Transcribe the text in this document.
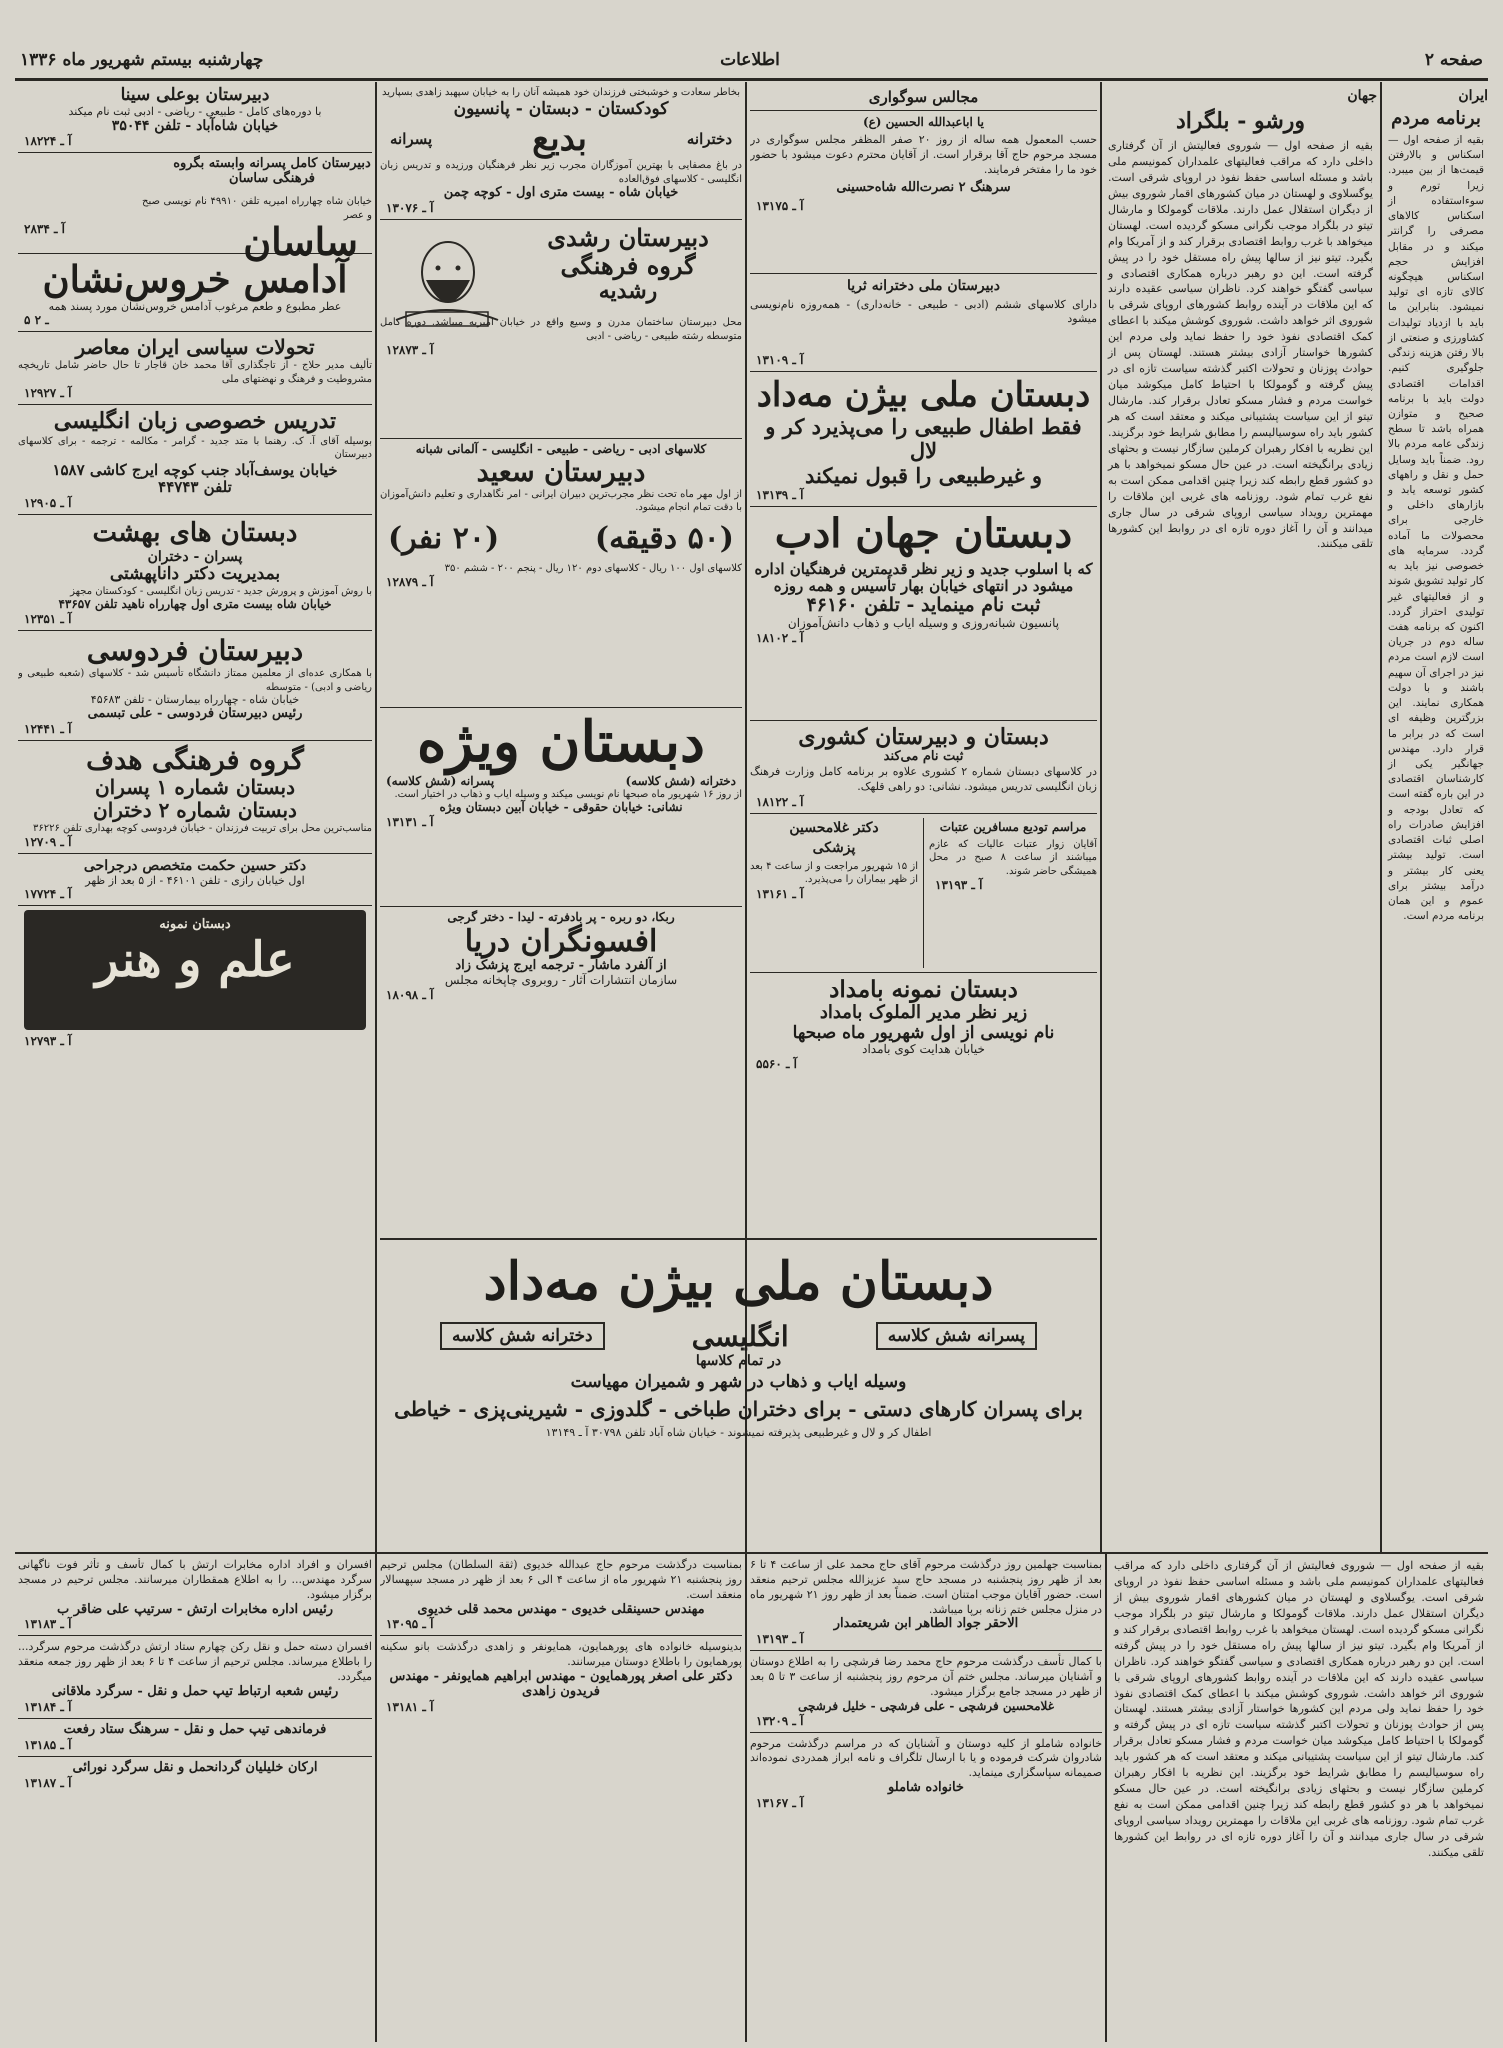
صفحه ۲
اطلاعات
چهارشنبه بیستم شهریور ماه ۱۳۳۶
ایران
برنامه مردم
بقیه از صفحه اول — اسکناس و بالارفتن قیمت‌ها از بین میبرد. زیرا تورم و سوءاستفاده از اسکناس کالاهای مصرفی را گرانتر میکند و در مقابل افزایش حجم اسکناس هیچگونه کالای تازه ای تولید نمیشود. بنابراین ما باید با ازدیاد تولیدات کشاورزی و صنعتی از بالا رفتن هزینه زندگی جلوگیری کنیم. اقدامات اقتصادی دولت باید با برنامه صحیح و متوازن همراه باشد تا سطح زندگی عامه مردم بالا رود. ضمناً باید وسایل حمل و نقل و راههای کشور توسعه یابد و بازارهای داخلی و خارجی برای محصولات ما آماده گردد. سرمایه های خصوصی نیز باید به کار تولید تشویق شوند و از فعالیتهای غیر تولیدی احتراز گردد. اکنون که برنامه هفت ساله دوم در جریان است لازم است مردم نیز در اجرای آن سهیم باشند و با دولت همکاری نمایند. این بزرگترین وظیفه ای است که در برابر ما قرار دارد. مهندس جهانگیر یکی از کارشناسان اقتصادی در این باره گفته است که تعادل بودجه و افزایش صادرات راه اصلی ثبات اقتصادی است. تولید بیشتر یعنی کار بیشتر و درآمد بیشتر برای عموم و این همان برنامه مردم است.
جهان
ورشو - بلگراد
بقیه از صفحه اول — شوروی فعالیتش از آن گرفتاری داخلی دارد که مراقب فعالیتهای علمداران کمونیسم ملی باشد و مسئله اساسی حفظ نفوذ در اروپای شرقی است. یوگسلاوی و لهستان در میان کشورهای اقمار شوروی بیش از دیگران استقلال عمل دارند. ملاقات گومولکا و مارشال تیتو در بلگراد موجب نگرانی مسکو گردیده است. لهستان میخواهد با غرب روابط اقتصادی برقرار کند و از آمریکا وام بگیرد. تیتو نیز از سالها پیش راه مستقل خود را در پیش گرفته است. این دو رهبر درباره همکاری اقتصادی و سیاسی گفتگو خواهند کرد. ناظران سیاسی عقیده دارند که این ملاقات در آینده روابط کشورهای اروپای شرقی با شوروی اثر خواهد داشت. شوروی کوشش میکند با اعطای کمک اقتصادی نفوذ خود را حفظ نماید ولی مردم این کشورها خواستار آزادی بیشتر هستند. لهستان پس از حوادث پوزنان و تحولات اکتبر گذشته سیاست تازه ای در پیش گرفته و گومولکا با احتیاط کامل میکوشد میان خواست مردم و فشار مسکو تعادل برقرار کند. مارشال تیتو از این سیاست پشتیبانی میکند و معتقد است که هر کشور باید راه سوسیالیسم را مطابق شرایط خود برگزیند. این نظریه با افکار رهبران کرملین سازگار نیست و بحثهای زیادی برانگیخته است. در عین حال مسکو نمیخواهد با هر دو کشور قطع رابطه کند زیرا چنین اقدامی ممکن است به نفع غرب تمام شود. روزنامه های غربی این ملاقات را مهمترین رویداد سیاسی اروپای شرقی در سال جاری میدانند و آن را آغاز دوره تازه ای در روابط این کشورها تلقی میکنند.
مجالس سوگواری
یا اباعبدالله الحسین (ع)
حسب المعمول همه ساله از روز ۲۰ صفر المظفر مجلس سوگواری در مسجد مرحوم حاج آقا برقرار است. از آقایان محترم دعوت میشود با حضور خود ما را مفتخر فرمایند.
سرهنگ ۲ نصرت‌الله شاه‌حسینی
آ ـ ۱۳۱۷۵
دبیرستان ملی دخترانه ثریا
دارای کلاسهای ششم (ادبی - طبیعی - خانه‌داری) - همه‌روزه نام‌نویسی میشود
آ ـ ۱۳۱۰۹
دبستان ملی بیژن مه‌داد
فقط اطفال طبیعی را می‌پذیرد کر و لال
و غیرطبیعی را قبول نمیکند
آ ـ ۱۳۱۳۹
دبستان جهان ادب
که با اسلوب جدید و زیر نظر قدیمترین فرهنگیان اداره
میشود در انتهای خیابان بهار تأسیس و همه روزه
ثبت نام مینماید - تلفن ۴۶۱۶۰
پانسیون شبانه‌روزی و وسیله ایاب و ذهاب دانش‌آموزان
آ ـ ۱۸۱۰۲
دبستان و دبیرستان کشوری
ثبت نام می‌کند
در کلاسهای دبستان شماره ۲ کشوری علاوه بر برنامه کامل وزارت فرهنگ زبان انگلیسی تدریس میشود. نشانی: دو راهی قلهک.
آ ـ ۱۸۱۲۲
مراسم تودیع مسافرین عتبات
آقایان زوار عتبات عالیات که عازم میباشند از ساعت ۸ صبح در محل همیشگی حاضر شوند.
آ ـ ۱۳۱۹۳
دکتر غلامحسین
پزشکی
از ۱۵ شهریور مراجعت و از ساعت ۴ بعد از ظهر بیماران را می‌پذیرد.
آ ـ ۱۳۱۶۱
دبستان نمونه بامداد
زیر نظر مدیر الملوک بامداد
نام نویسی از اول شهریور ماه صبحها
خیابان هدایت کوی بامداد
آ ـ ۵۵۶۰
بخاطر سعادت و خوشبختی فرزندان خود همیشه آنان را به خیابان سپهبد زاهدی بسپارید
کودکستان - دبستان - پانسیون
دخترانه
بدیع
پسرانه
در باغ مصفایی با بهترین آموزگاران مجرب زیر نظر فرهنگیان ورزیده و تدریس زبان انگلیسی - کلاسهای فوق‌العاده
خیابان شاه - بیست متری اول - کوچه چمن
آ ـ ۱۳۰۷۶
دبیرستان رشدی
گروه فرهنگی
رشدیه
محل دبیرستان ساختمان مدرن و وسیع واقع در خیابان امیریه میباشد. دوره کامل متوسطه رشته طبیعی - ریاضی - ادبی
آ ـ ۱۲۸۷۳
کلاسهای ادبی - ریاضی - طبیعی - انگلیسی - آلمانی شبانه
دبیرستان سعید
از اول مهر ماه تحت نظر مجرب‌ترین دبیران ایرانی - امر نگاهداری و تعلیم دانش‌آموزان با دقت تمام انجام میشود.
(۵۰ دقیقه)
(۲۰ نفر)
کلاسهای اول ۱۰۰ ریال - کلاسهای دوم ۱۲۰ ریال - پنجم ۲۰۰ - ششم ۳۵۰
آ ـ ۱۲۸۷۹
دبستان ویژه
دخترانه (شش کلاسه)
پسرانه (شش کلاسه)
از روز ۱۶ شهریور ماه صبحها نام نویسی میکند و وسیله ایاب و ذهاب در اختیار است.
نشانی: خیابان حقوقی - خیابان آبین دبستان ویژه
آ ـ ۱۳۱۳۱
ربکا، دو ربره - پر بادفرته - لیدا - دختر گرجی
افسونگران دریا
از آلفرد ماشار - ترجمه ایرج پزشک زاد
سازمان انتشارات آثار - روبروی چاپخانه مجلس
آ ـ ۱۸۰۹۸
دبستان ملی بیژن مه‌داد
پسرانه شش کلاسه
انگلیسی
دخترانه شش کلاسه
در تمام کلاسها
وسیله ایاب و ذهاب در شهر و شمیران مهیاست
برای پسران کارهای دستی - برای دختران طباخی - گلدوزی - شیرینی‌پزی - خیاطی
اطفال کر و لال و غیرطبیعی پذیرفته نمیشوند - خیابان شاه آباد تلفن ۳۰۷۹۸ آ ـ ۱۳۱۴۹
دبیرستان بوعلی سینا
با دوره‌های کامل - طبیعی - ریاضی - ادبی ثبت نام میکند
خیابان شاه‌آباد - تلفن ۳۵۰۴۴
آ ـ ۱۸۲۲۴
دبیرستان کامل پسرانه وابسته بگروه فرهنگی ساسان
ساسان
خیابان شاه چهارراه امیریه تلفن ۴۹۹۱۰ نام نویسی صبح و عصر
آ ـ ۲۸۳۴
آدامس خروس‌نشان
عطر مطبوع و طعم مرغوب آدامس خروس‌نشان مورد پسند همه
۵ ـ ۲
تحولات سیاسی ایران معاصر
تألیف مدیر حلاج - از تاجگذاری آقا محمد خان قاجار تا حال حاضر شامل تاریخچه مشروطیت و فرهنگ و نهضتهای ملی
آ ـ ۱۲۹۲۷
تدریس خصوصی زبان انگلیسی
بوسیله آقای آ. ک. رهنما با متد جدید - گرامر - مکالمه - ترجمه - برای کلاسهای دبیرستان
خیابان یوسف‌آباد جنب کوچه ایرج کاشی ۱۵۸۷
تلفن ۴۴۷۴۳
آ ـ ۱۲۹۰۵
دبستان های بهشت
پسران - دختران
بمدیریت دکتر داناپهشتی
با روش آموزش و پرورش جدید - تدریس زبان انگلیسی - کودکستان مجهز
خیابان شاه بیست متری اول چهارراه ناهید تلفن ۴۳۶۵۷
آ ـ ۱۲۳۵۱
دبیرستان فردوسی
با همکاری عده‌ای از معلمین ممتاز دانشگاه تأسیس شد - کلاسهای (شعبه طبیعی و ریاضی و ادبی) - متوسطه
خیابان شاه - چهارراه بیمارستان - تلفن ۴۵۶۸۳
رئیس دبیرستان فردوسی - علی تبسمی
آ ـ ۱۲۴۴۱
گروه فرهنگی هدف
دبستان شماره ۱ پسران
دبستان شماره ۲ دختران
مناسب‌ترین محل برای تربیت فرزندان - خیابان فردوسی کوچه بهداری تلفن ۳۶۲۲۶
آ ـ ۱۲۷۰۹
دکتر حسین حکمت متخصص درجراحی
اول خیابان رازی - تلفن ۴۶۱۰۱ - از ۵ بعد از ظهر
آ ـ ۱۷۷۲۴
دبستان نمونه
علم و هنر
آ ـ ۱۲۷۹۳
بقیه از صفحه اول — شوروی فعالیتش از آن گرفتاری داخلی دارد که مراقب فعالیتهای علمداران کمونیسم ملی باشد و مسئله اساسی حفظ نفوذ در اروپای شرقی است. یوگسلاوی و لهستان در میان کشورهای اقمار شوروی بیش از دیگران استقلال عمل دارند. ملاقات گومولکا و مارشال تیتو در بلگراد موجب نگرانی مسکو گردیده است. لهستان میخواهد با غرب روابط اقتصادی برقرار کند و از آمریکا وام بگیرد. تیتو نیز از سالها پیش راه مستقل خود را در پیش گرفته است. این دو رهبر درباره همکاری اقتصادی و سیاسی گفتگو خواهند کرد. ناظران سیاسی عقیده دارند که این ملاقات در آینده روابط کشورهای اروپای شرقی با شوروی اثر خواهد داشت. شوروی کوشش میکند با اعطای کمک اقتصادی نفوذ خود را حفظ نماید ولی مردم این کشورها خواستار آزادی بیشتر هستند. لهستان پس از حوادث پوزنان و تحولات اکتبر گذشته سیاست تازه ای در پیش گرفته و گومولکا با احتیاط کامل میکوشد میان خواست مردم و فشار مسکو تعادل برقرار کند. مارشال تیتو از این سیاست پشتیبانی میکند و معتقد است که هر کشور باید راه سوسیالیسم را مطابق شرایط خود برگزیند. این نظریه با افکار رهبران کرملین سازگار نیست و بحثهای زیادی برانگیخته است. در عین حال مسکو نمیخواهد با هر دو کشور قطع رابطه کند زیرا چنین اقدامی ممکن است به نفع غرب تمام شود. روزنامه های غربی این ملاقات را مهمترین رویداد سیاسی اروپای شرقی در سال جاری میدانند و آن را آغاز دوره تازه ای در روابط این کشورها تلقی میکنند.
بمناسبت جهلمین روز درگذشت مرحوم آقای حاج محمد علی از ساعت ۴ تا ۶ بعد از ظهر روز پنجشنبه در مسجد حاج سید عزیزالله مجلس ترحیم منعقد است. حضور آقایان موجب امتنان است. ضمناً بعد از ظهر روز ۲۱ شهریور ماه در منزل مجلس ختم زنانه برپا میباشد.
الاحقر جواد الطاهر ابن شریعتمدار
آ ـ ۱۳۱۹۳
با کمال تأسف درگذشت مرحوم حاج محمد رضا فرشچی را به اطلاع دوستان و آشنایان میرساند. مجلس ختم آن مرحوم روز پنجشنبه از ساعت ۳ تا ۵ بعد از ظهر در مسجد جامع برگزار میشود.
غلامحسین فرشچی - علی فرشچی - خلیل فرشچی
آ ـ ۱۳۲۰۹
خانواده شاملو از کلیه دوستان و آشنایان که در مراسم درگذشت مرحوم شادروان شرکت فرموده و یا با ارسال تلگراف و نامه ابراز همدردی نموده‌اند صمیمانه سپاسگزاری مینماید.
خانواده شاملو
آ ـ ۱۳۱۶۷
بمناسبت درگذشت مرحوم حاج عبدالله خدیوی (ثقة السلطان) مجلس ترحیم روز پنجشنبه ۲۱ شهریور ماه از ساعت ۴ الی ۶ بعد از ظهر در مسجد سپهسالار منعقد است.
مهندس حسینقلی خدیوی - مهندس محمد قلی خدیوی
آ ـ ۱۳۰۹۵
بدینوسیله خانواده های پورهمایون، همایونفر و زاهدی درگذشت بانو سکینه پورهمایون را باطلاع دوستان میرسانند.
دکتر علی اصغر پورهمایون - مهندس ابراهیم همایونفر - مهندس فریدون زاهدی
آ ـ ۱۳۱۸۱
افسران و افراد اداره مخابرات ارتش با کمال تأسف و تأثر فوت ناگهانی سرگرد مهندس... را به اطلاع همقطاران میرسانند. مجلس ترحیم در مسجد برگزار میشود.
رئیس اداره مخابرات ارتش - سرتیپ علی ضاقر ب
آ ـ ۱۳۱۸۳
افسران دسته حمل و نقل رکن چهارم ستاد ارتش درگذشت مرحوم سرگرد... را باطلاع میرساند. مجلس ترحیم از ساعت ۴ تا ۶ بعد از ظهر روز جمعه منعقد میگردد.
رئیس شعبه ارتباط تیپ حمل و نقل - سرگرد ملاقانی
آ ـ ۱۳۱۸۴
فرماندهی تیپ حمل و نقل - سرهنگ ستاد رفعت
آ ـ ۱۳۱۸۵
ارکان خلیلیان گردانحمل و نقل سرگرد نورائی
آ ـ ۱۳۱۸۷
